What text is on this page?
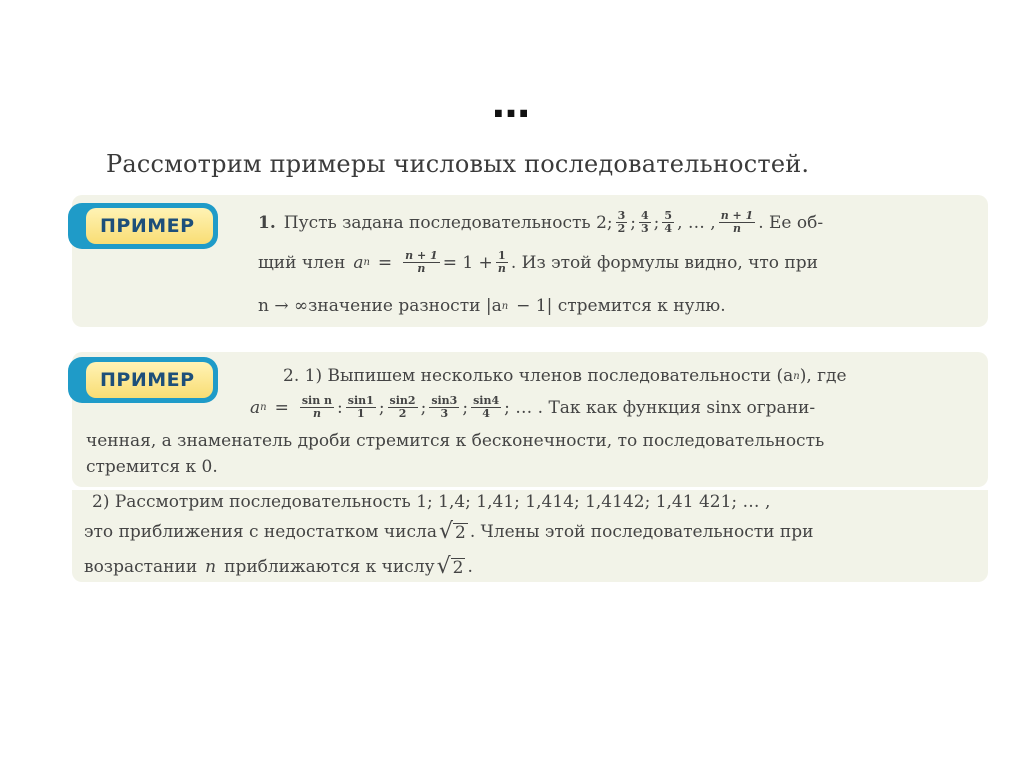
…
Рассмотрим примеры числовых последовательностей.
ПРИМЕР	1. Пусть задана последовательность 2; $\frac{3}{2}$ ; $\frac{4}{3}$ ; $\frac{5}{4}$ , … , $\frac{n + 1}{n}$ . Ее об-
щий член a $n = \frac{n + 1}{n} = 1 + \frac{1}{n}$ . Из этой формулы видно, что при
n → ∞значение разности |a n − 1| стремится к нулю.
ПРИМЕР	2. 1) Выпишем несколько членов последовательности (a n ), где
a $n = \frac{\text{sin n}}{n}$ : $\frac{\sin 1}{1}$ ; $\frac{\sin 2}{2}$ ; $\frac{\sin 3}{3}$ ; $\frac{\sin 4}{4}$ ; … . Так как функция sinx ограни-
ченная, а знаменатель дроби стремится к бесконечности, то последовательность
стремится к 0.
2) Рассмотрим последовательность 1; 1,4; 1,41; 1,414; 1,4142; 1,41 421; … ,
это приближения с недостатком числа √ 2 . Члены этой последовательности при
возрастании n приближаются к числу √ 2 .
